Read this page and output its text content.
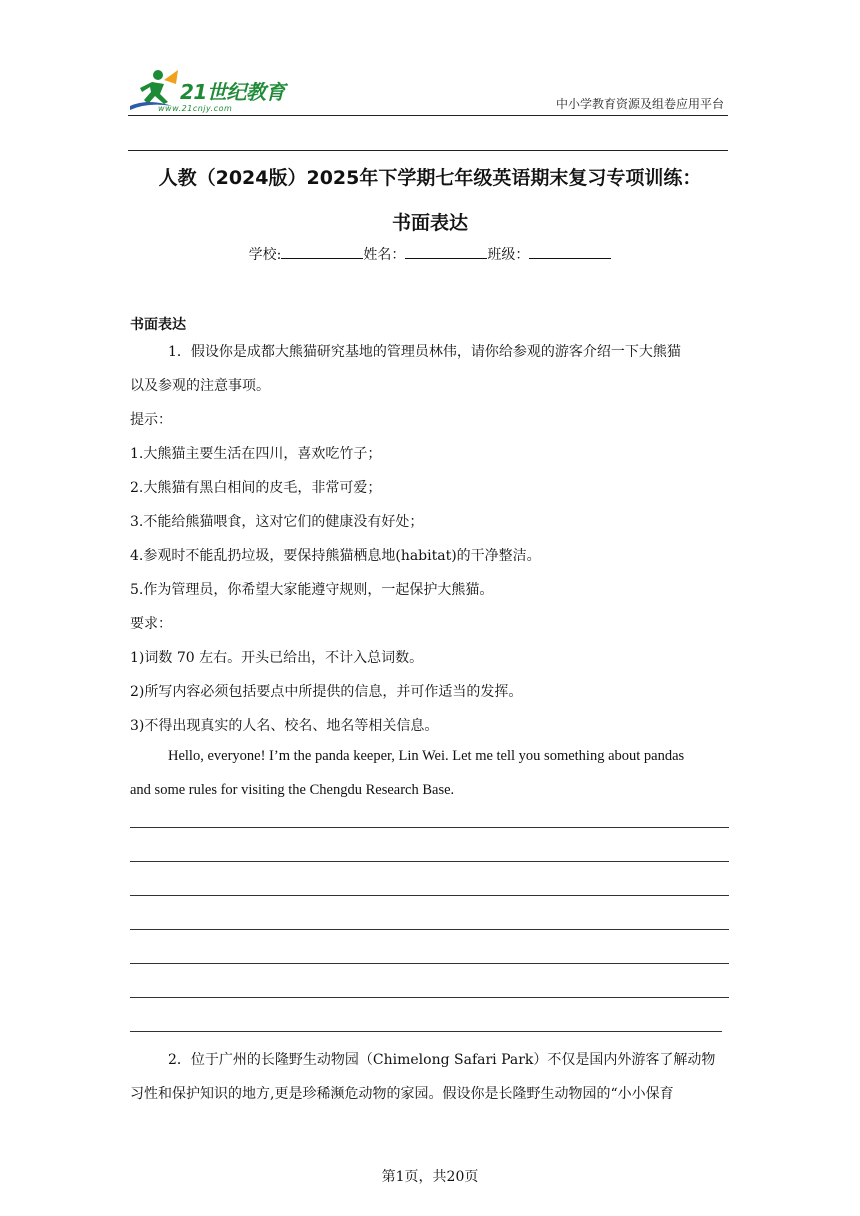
21世纪教育
www.21cnjy.com	中小学教育资源及组卷应用平台
人教（2024版）2025年下学期七年级英语期末复习专项训练：
书面表达
学校:	姓名：	班级：
书面表达
1．假设你是成都大熊猫研究基地的管理员林伟，请你给参观的游客介绍一下大熊猫
以及参观的注意事项。
提示：
1.大熊猫主要生活在四川，喜欢吃竹子；
2.大熊猫有黑白相间的皮毛，非常可爱；
3.不能给熊猫喂食，这对它们的健康没有好处；
4.参观时不能乱扔垃圾，要保持熊猫栖息地(habitat)的干净整洁。
5.作为管理员，你希望大家能遵守规则，一起保护大熊猫。
要求：
1)词数 70 左右。开头已给出，不计入总词数。
2)所写内容必须包括要点中所提供的信息，并可作适当的发挥。
3)不得出现真实的人名、校名、地名等相关信息。
Hello, everyone! I’m the panda keeper, Lin Wei. Let me tell you something about pandas
and some rules for visiting the Chengdu Research Base.
2．位于广州的长隆野生动物园（Chimelong Safari Park）不仅是国内外游客了解动物
习性和保护知识的地方,更是珍稀濒危动物的家园。假设你是长隆野生动物园的“小小保育
第1页，共20页
